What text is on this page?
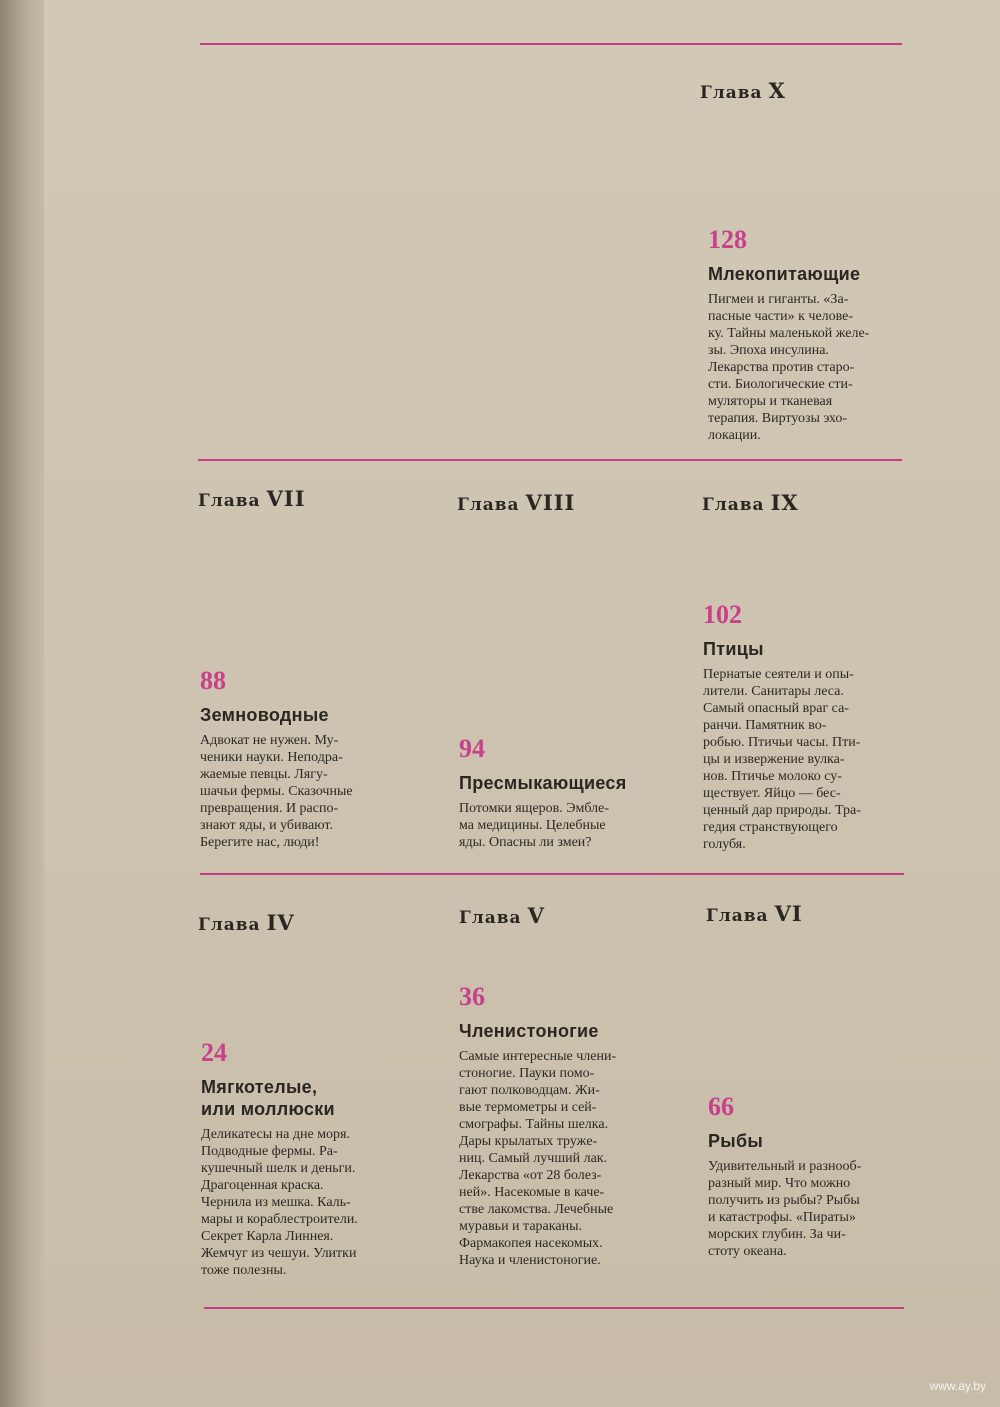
Глава X
128
Млекопитающие
Пигмеи и гиганты. «За-
пасные части» к челове-
ку. Тайны маленькой желе-
зы. Эпоха инсулина.
Лекарства против старо-
сти. Биологические сти-
муляторы и тканевая
терапия. Виртуозы эхо-
локации.
Глава VII
88
Земноводные
Адвокат не нужен. Му-
ченики науки. Неподра-
жаемые певцы. Лягу-
шачьи фермы. Сказочные
превращения. И распо-
знают яды, и убивают.
Берегите нас, люди!
Глава VIII
94
Пресмыкающиеся
Потомки ящеров. Эмбле-
ма медицины. Целебные
яды. Опасны ли змеи?
Глава IX
102
Птицы
Пернатые сеятели и опы-
лители. Санитары леса.
Самый опасный враг са-
ранчи. Памятник во-
робью. Птичьи часы. Пти-
цы и извержение вулка-
нов. Птичье молоко су-
ществует. Яйцо — бес-
ценный дар природы. Тра-
гедия странствующего
голубя.
Глава IV
24
Мягкотелые,
или моллюски
Деликатесы на дне моря.
Подводные фермы. Ра-
кушечный шелк и деньги.
Драгоценная краска.
Чернила из мешка. Каль-
мары и кораблестроители.
Секрет Карла Линнея.
Жемчуг из чешуи. Улитки
тоже полезны.
Глава V
36
Членистоногие
Самые интересные члени-
стоногие. Пауки помо-
гают полководцам. Жи-
вые термометры и сей-
смографы. Тайны шелка.
Дары крылатых тружe-
ниц. Самый лучший лак.
Лекарства «от 28 болез-
ней». Насекомые в каче-
стве лакомства. Лечебные
муравьи и тараканы.
Фармакопея насекомых.
Наука и членистоногие.
Глава VI
66
Рыбы
Удивительный и разнооб-
разный мир. Что можно
получить из рыбы? Рыбы
и катастрофы. «Пираты»
морских глубин. За чи-
стоту океана.
www.ay.by
